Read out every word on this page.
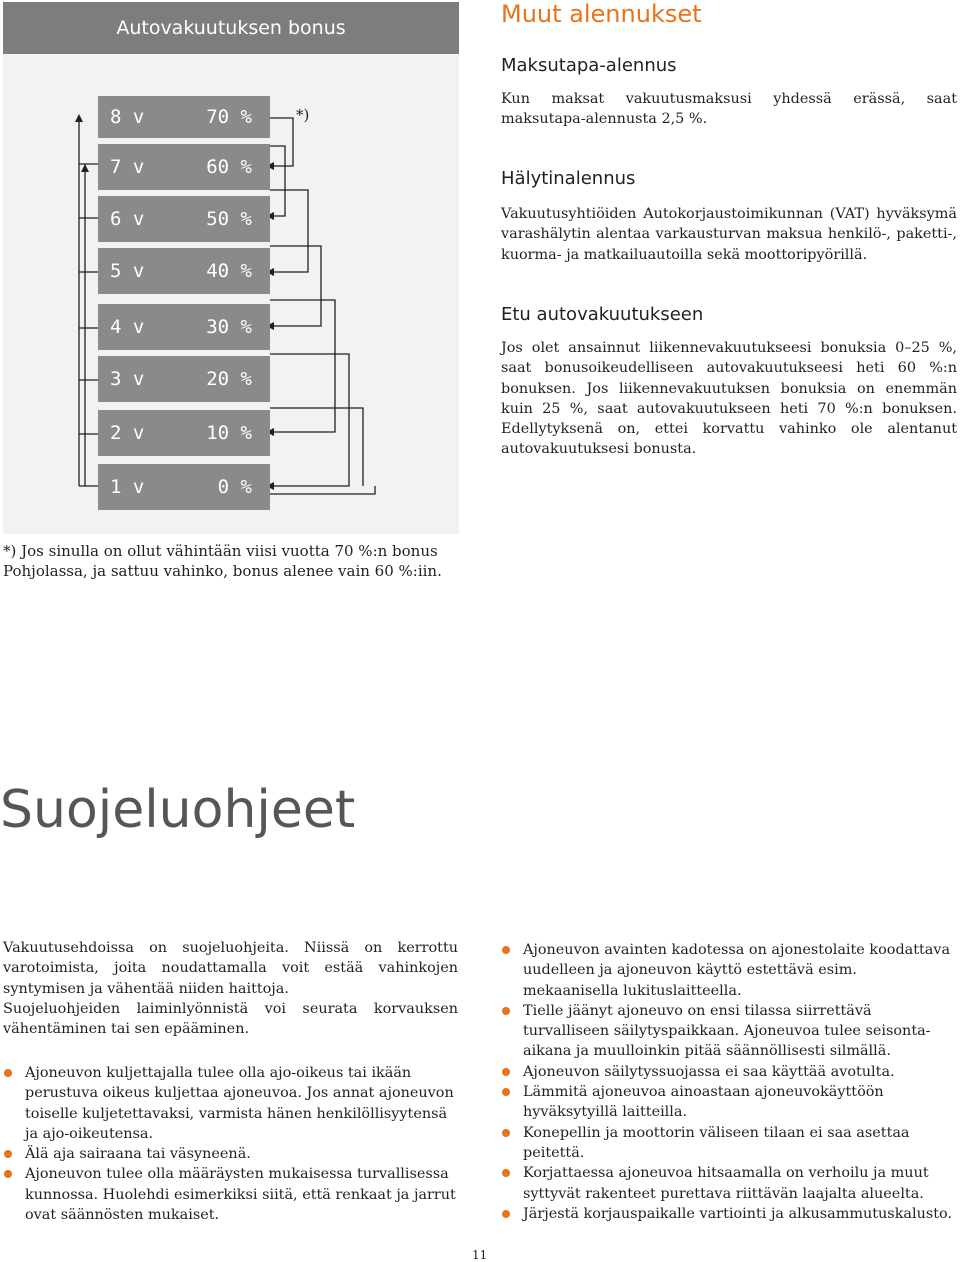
Autovakuutuksen bonus
8 v	70 %
7 v	60 %
6 v	50 %
5 v	40 %
4 v	30 %
3 v	20 %
2 v	10 %
1 v	0 %
*)
*) Jos sinulla on ollut vähintään viisi vuotta 70 %:n bonus Pohjolassa, ja sattuu vahinko, bonus alenee vain 60 %:iin.
Muut alennukset
Maksutapa-alennus
Kun maksat vakuutusmaksusi yhdessä erässä, saat maksutapa-alennusta 2,5 %.
Hälytinalennus
Vakuutusyhtiöiden Autokorjaustoimikunnan (VAT) hyväksymä varashälytin alentaa varkausturvan maksua henkilö-, paketti-, kuorma- ja matkailuautoilla sekä moottoripyörillä.
Etu autovakuutukseen
Jos olet ansainnut liikennevakuutukseesi bonuksia 0–25 %, saat bonusoikeudelliseen autovakuutukseesi heti 60 %:n bonuksen. Jos liikennevakuutuksen bonuksia on enemmän kuin 25 %, saat autovakuutukseen heti 70 %:n bonuksen. Edellytyksenä on, ettei korvattu vahinko ole alentanut autovakuutuksesi bonusta.
Suojeluohjeet
Vakuutusehdoissa on suojeluohjeita. Niissä on kerrottu varotoimista, joita noudattamalla voit estää vahinkojen syntymisen ja vähentää niiden haittoja.
Suojeluohjeiden laiminlyönnistä voi seurata korvauksen vähentäminen tai sen epääminen.
Ajoneuvon kuljettajalla tulee olla ajo-oikeus tai ikään perustuva oikeus kuljettaa ajoneuvoa. Jos annat ajoneuvon toiselle kuljetettavaksi, varmista hänen henkilöllisyytensä ja ajo-oikeutensa.
Älä aja sairaana tai väsyneenä.
Ajoneuvon tulee olla määräysten mukaisessa turvallisessa kunnossa. Huolehdi esimerkiksi siitä, että renkaat ja jarrut ovat säännösten mukaiset.
Ajoneuvon avainten kadotessa on ajonestolaite koodattava uudelleen ja ajoneuvon käyttö estettävä esim. mekaanisella lukituslaitteella.
Tielle jäänyt ajoneuvo on ensi tilassa siirrettävä turvalliseen säilytyspaikkaan. Ajoneuvoa tulee seisonta-aikana ja muulloinkin pitää säännöllisesti silmällä.
Ajoneuvon säilytyssuojassa ei saa käyttää avotulta.
Lämmitä ajoneuvoa ainoastaan ajoneuvokäyttöön hyväksytyillä laitteilla.
Konepellin ja moottorin väliseen tilaan ei saa asettaa peitettä.
Korjattaessa ajoneuvoa hitsaamalla on verhoilu ja muut syttyvät rakenteet purettava riittävän laajalta alueelta.
Järjestä korjauspaikalle vartiointi ja alkusammutuskalusto.
11
